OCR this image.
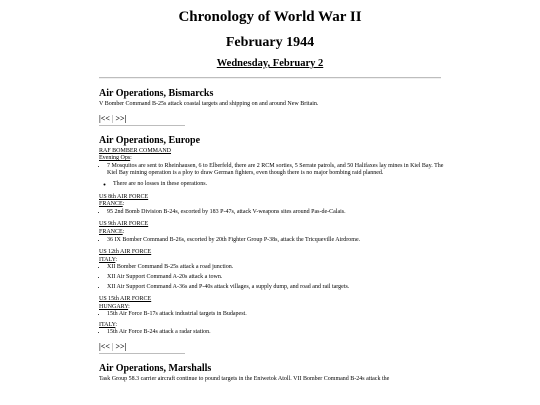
Chronology of World War II
February 1944
Wednesday, February 2
Air Operations, Bismarcks

V Bomber Command B-25s attack coastal targets and shipping on and around New Britain.

|<< | >>|
Air Operations, Europe
RAF BOMBER COMMAND
Evening Ops:
• 7 Mosquitos are sent to Rheinhausen, 6 to Elberfeld, there are 2 RCM sorties, 5 Serrate patrols, and 50 Halifaxes lay mines in Kiel Bay. The Kiel Bay mining operation is a ploy to draw German fighters, even though there is no major bombing raid planned.
◦ There are no losses in these operations.
US 8th AIR FORCE
FRANCE:
• 95 2nd Bomb Division B-24s, escorted by 183 P-47s, attack V-weapons sites around Pas-de-Calais.
US 9th AIR FORCE
FRANCE:
• 36 IX Bomber Command B-26s, escorted by 20th Fighter Group P-38s, attack the Tricqueville Airdrome.
US 12th AIR FORCE
ITALY:
• XII Bomber Command B-25s attack a road junction.
• XII Air Support Command A-20s attack a town.
• XII Air Support Command A-36s and P-40s attack villages, a supply dump, and road and rail targets.
US 15th AIR FORCE
HUNGARY:
• 15th Air Force B-17s attack industrial targets in Budapest.
ITALY:
• 15th Air Force B-24s attack a radar station.
|<< | >>|
Air Operations, Marshalls

Task Group 58.3 carrier aircraft continue to pound targets in the Eniwetok Atoll. VII Bomber Command B-24s attack the
